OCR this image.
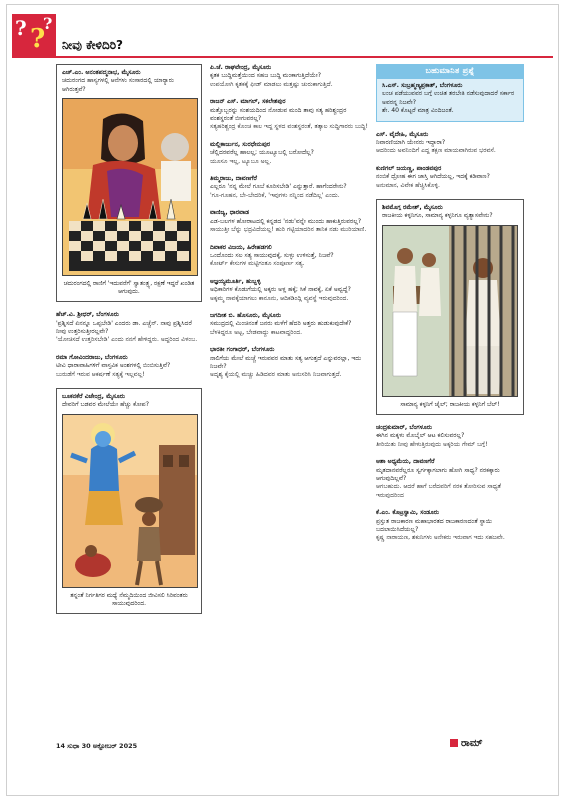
? ?
?
ನೀವು ಕೇಳಿದಿರಿ?
ಎಚ್.ಎಂ. ಅನಂತಪದ್ಮನಾಭ, ಮೈಸೂರು
ಚದುರಂಗದ ಹಾಸ್ಯಗಳಲ್ಲಿ ಆನೆಗಳು ಸಂಸಾರದಲ್ಲಿ ಯಾರ್‍ಯಾರು ಆಗಿರುತ್ತವೆ?
ಚದುರಂಗದಲ್ಲಿ ರಾಣಿಗೆ 'ಇದುವರೆಗೆ' ಸ್ವಾತಂತ್ರ್ಯ, ರಕ್ಷಣೆ ಇದ್ದರೆ ಖಂಡಿತ ಆಗುವುದು.
ಹೆಚ್.ವಿ. ಶ್ರೀಧರ್, ಬೆಂಗಳೂರು
'ಪ್ರಶ್ನಿಸದೆ ಏನನ್ನೂ ಒಪ್ಪಬೇಡಿ' ಎಂದರು ಡಾ. ಎಚ್ಚೆನ್. ನಾವು ಪ್ರಶ್ನಿಸಿದರೆ ನೀವು ಉತ್ತರಿಸುತ್ತೀರಲ್ಲವೇ?
'ಯೋಚಿಸದೆ ಉತ್ತರಿಸಬೇಡಿ' ಎಂದು ನನಗೆ ಹೇಳಿದ್ದರು. ಅದ್ದರಿಂದ ವಿಳಂಬ.
ರಮಾ ಗೋವಿಂದರಾಜು, ಬೆಂಗಳೂರು
ಟೀವಿ ಧಾರಾವಾಹಿಗಳಿಗೆ ವಾಸ್ತವಿಕ ಅಂಶಗಳಲ್ಲಿ ಬಿಂಬಿಸುತ್ತಿವೆ?
ಬುರುಡೆಗೆ ಇರುವ ಆಕರ್ಷಣೆ ಸತ್ಯಕ್ಕೆ ಇಲ್ಲವಲ್ಲ!
ಬೂಕನಕೆರೆ ವಿಜೇಂದ್ರ, ಮೈಸೂರು
ದೇವರಿಗೆ ಬಡವರ ಮೇಲೆಯೇ ಹೆಚ್ಚು ಕೋಪ?
ತನ್ನಂತೆ ನಿರ್ಗತಿಗರ ಮಧ್ಯೆ ನೆಮ್ಮದಿಯಿಂದ ಜೀವಿಸಲಿ ಸಿರಿವಂತರು ಸಾಯುವುದರಿಂದ.
ಪಿ.ಜೆ. ರಾಘವೇಂದ್ರ, ಮೈಸೂರು
ಕೃತಕ ಬುದ್ಧಿಮತ್ತೆಯಿಂದ ಸಹಜ ಬುದ್ಧಿ ಮಂಕಾಗುತ್ತಿದೆಯೇ?
ಉಪಯೋಗಿ ಕೃತಕಕ್ಕೆ ಫೀಡ್ ಮಾಡಲು ಮತ್ತಷ್ಟು ಚುರುಕಾಗುತ್ತಿದೆ.
ರಾಜನ್ ಎಸ್. ಮಾಗಲ್, ಸಕಲೇಶಪುರ
ಮತ್ತೊಬ್ಬರನ್ನು ಸಂಶಯದಿಂದ ನೋಡುವ ಮಂದಿ ತಾವು ಸತ್ಯ ಹರಿಶ್ಚಂದ್ರರ ವಂಶಸ್ಥರಂತೆ ಬೀಗುವರಲ್ಲ?
ಸತ್ಯಹರಿಶ್ಚಂದ್ರ ಕೊಂಚ ಕಾಲ ಇದ್ದ ಸ್ಥಳದ ವಂಶಸ್ಥರಂತೆ, ತತ್ಕಾಲ ಸುದ್ದಿಗಾರರು ಬುದ್ಧಿ!
ಮಲ್ಲಿಕಾರ್ಜುನ, ಸುರಧೇನುಪುರ
ಚೆಲ್ಲಿದರವರೆಲ್ಲ ಹಾಲಲ್ಲ; ಯೂಟ್ಯೂಬಲ್ಲಿ ಬರೋದೆಲ್ಲ?
ಯೂಸೂ ಇಲ್ಲ, ಟ್ಯೂಬೂ ಅಲ್ಲ.
ತಿಮ್ಮರಾಜು, ದಾವಣಗೆರೆ
ಎಲ್ಲರೂ 'ನನ್ನ ಮೇಲೆ ಗೂಬೆ ಕೂರಿಸಬೇಡಿ' ಎನ್ನುತ್ತಾರೆ. ಹಾಗೆಂದರೇನು?
'ಗೂ-ಗೂಹನ, ಬೇ-ಬೇದರಿಕೆ, 'ಇವುಗಳು ನನ್ನಿಂದ ನಡೆದಿಲ್ಲ' ಎಂದು.
ವಾಣಿಜ್ಯ, ಧಾರವಾಡ
ಎಡ-ಬಲಗಳ ಹೋರಾಟದಲ್ಲಿ ಕನ್ನಡದ 'ನಡು'ವನ್ನೇ ಮುಂದು ಹಾಕುತ್ತಿರುವರಲ್ಲ?
ಸಾಯುತ್ತೀ ಬೆನ್ನು ಭದ್ರವಿದೆಯಲ್ಲ! ಹುರಿ ಗಟ್ಟಿಯಾದರಿನ ತಾನಿಕ ನಡು ಮುರಿಯಾಣಿ.
ದಿವಾಕರ ವಿಜಯ, ಹಿರೇಹಡಗಲಿ
ಒಂದೊಂದು ಸಲ ಸತ್ಯ ಸಾಯುವುದಕ್ಕೆ, ಸುಳ್ಳು ಉಳಿಸುತ್ತೆ, ನಿಜವೆ?
ಕೋರ್ಟ್ ಕೇಸುಗಳ ಮಟ್ಟಿಗಂತೂ ಸಂಪೂರ್ಣ ಸತ್ಯ.
ಅಜ್ಞಯ್ಯಮೂರ್ತಿ, ಹುಬ್ಬಳ್ಳಿ
ಅಧಿಕಾರಿಗಳ ಕೊಡುಗೆಯಲ್ಲಿ ಅಕ್ಕರು ಅಳ್ಲ ಹಕ್ಕೆ; ಸಿಕೆ ನಾವಕ್ಕೆ, ಏಕೆ ಅವ್ವದ್ದೆ?
ಅಕ್ಕಮ್ಮ ನಾವಕ್ಕೆಯಾಗಲು ಕಾನೂನು, ಆದಿಕಡಿಂದ್ಲಿ ವ್ಯವಸ್ಥೆ ಇರುವುದರಿಂದ.
ಜಗದೀಶ ಬಿ. ಹೊಸೂರು, ಮೈಸೂರು
ಸಮುದ್ರದಲ್ಲಿ ಮಿಂಚಿನಂತೆ ಜನರು ಮಳೆಗೆ ಹೆದರಿ ಅತ್ತರು ಹುಡುಕುವುದೇಕೆ?
ಬೆಳಕಿದ್ದರೂ ಅಟ್ಟ, ಬೇಡವಾದ್ದು ಕಾಟವಾದ್ದರಿಂದ.
ಭಾರತೀ ಗಂಗಾಧರ್, ಬೆಂಗಳೂರು
ನಾಲಿಗೆಯ ಮೇಲೆ ಮಚ್ಚೆ ಇರುವವರ ಮಾತು ಸತ್ಯ ಆಗುತ್ತದೆ ಎನ್ನುವರಲ್ಲಾ, ಇದು ನಿಜವೇ?
ಅದೃಶ್ಯ ಕೈಯಲ್ಲಿ ಮಚ್ಚು ಹಿಡಿದವರ ಮಾತು ಅನುಸರಿಸಿ ನಿಜವಾಗುತ್ತದೆ.
ಬಹುಮಾನಿತ ಪ್ರಶ್ನೆ
ಸಿ.ಎಸ್. ಸುಬ್ರಹ್ಮಣ್ಯಪ್ರಕಾಶ್, ಬೆಂಗಳೂರು
ಲಂಚ ಪಡೆಯುವವರ ಬಗ್ಗೆ ಉಚಿತ ತರಬೇತಿ ನಡೆಸುವುದಾದರೆ ಸರ್ಕಾರ ಅವರನ್ನ ನಿಜವೇ?
ಶೇ. 40 ಕೊಟ್ಟರೆ ಮಾತ್ರ ವಿಂದಿಜಂತೆ.
ಎಸ್. ವೈದೇಹಿ, ಮೈಸೂರು
ನಿವಾರಣಿಯಾಗಿ ಯೇನರು ಇದ್ದಾರಾ?
ಆದರಿಂದು ಅವನಿಂದಿಗೆ ಎದ್ದ ತಕ್ಷಣ ಮಾಯವಾಗಿರುವ ಭರವಸೆ.
ಕುಣಿಗಲ್ ಜಯಣ್ಣ, ಪಾಂಡವಪುರ
ನಂಬಿಕೆ ದ್ರೋಹ ಈಗ ಜಾಸ್ತಿ ಆಗಿದೆಯಲ್ಲ, ಇದಕ್ಕೆ ಕಡಿವಾಣ?
ಅನುಮಾನ, ವಿವೇಕ ಹೆಚ್ಚಿಸಿಕೊಳ್ಳಿ.
ಶಿವಮೊಗ್ಗ ರಮೇಶ್, ಮೈಸೂರು
ರಾಜಕೀಯ ಕಳ್ಳನಿಗೂ, ಸಾಮಾನ್ಯ ಕಳ್ಳನಿಗೂ ವ್ಯತ್ಯಾಸವೇನು?
ಸಾಮಾನ್ಯ ಕಳ್ಳನಿಗೆ ಜೈಲ್; ರಾಜಕೀಯ ಕಳ್ಳನಿಗೆ ಬೆಲ್!
ಚಂದ್ರಕುಮಾರ್, ಬೆಂಗಳೂರು
ಈಗಿನ ಮಕ್ಕಳು ಮೊಬೈಲ್ ಆಟ ಕಲಿಸುವರಲ್ಲ?
ತೀರಿಯಿತು ನೀವು ಹೇಳುತ್ತಿರುವುದು ಅಕ್ಕರಿಯ ಗೇಮ್ ಬಗ್ಗೆ!
ಆಶಾ ಅಧ್ಯಮೆಯ, ದಾವಣಗೆರೆ
ಮೃತದಾನವರೆಲ್ಲರೂ ಸ್ವರ್ಗಕ್ಕಾಗಲಾಗು ಹೋಗಿ ಸಾಧ್ಯ? ನರಕಕ್ಕಾರು ಆಗುವುದಿಲ್ಲವೆ?
ಆಗಬಹುದು. ಆದರೆ ಹಾಗೆ ಬರೆದವರಿಗೆ ನರಕ ತೋರಿಸುವ ಸಾಧ್ಯತೆ ಇರುವುದರಿಂದ
ಕೆ.ಎಂ. ಕೊಟ್ರಸ್ವಾಮಿ, ಸಂಡೂರು
ಪ್ರಸ್ತುತ ರಾಜಕಾರಣ ಮಹಾಭಾರತದ ರಾಜಕಾರಣದಂತೆ ಸ್ಥಾಯಿ ಬದಲಾಯಿಸಿದೆಯಲ್ಲ?
ಕೃಷ್ಣ ನಾರಾಯಣ, ಶಕುನಿಗಳು ಅನೇಕರು ಇರುವಾಗ ಇದು ಸಹಜವೇ.
14 ಸುಧಾ 30 ಅಕ್ಟೋಬರ್ 2025	ರಾಮ್
